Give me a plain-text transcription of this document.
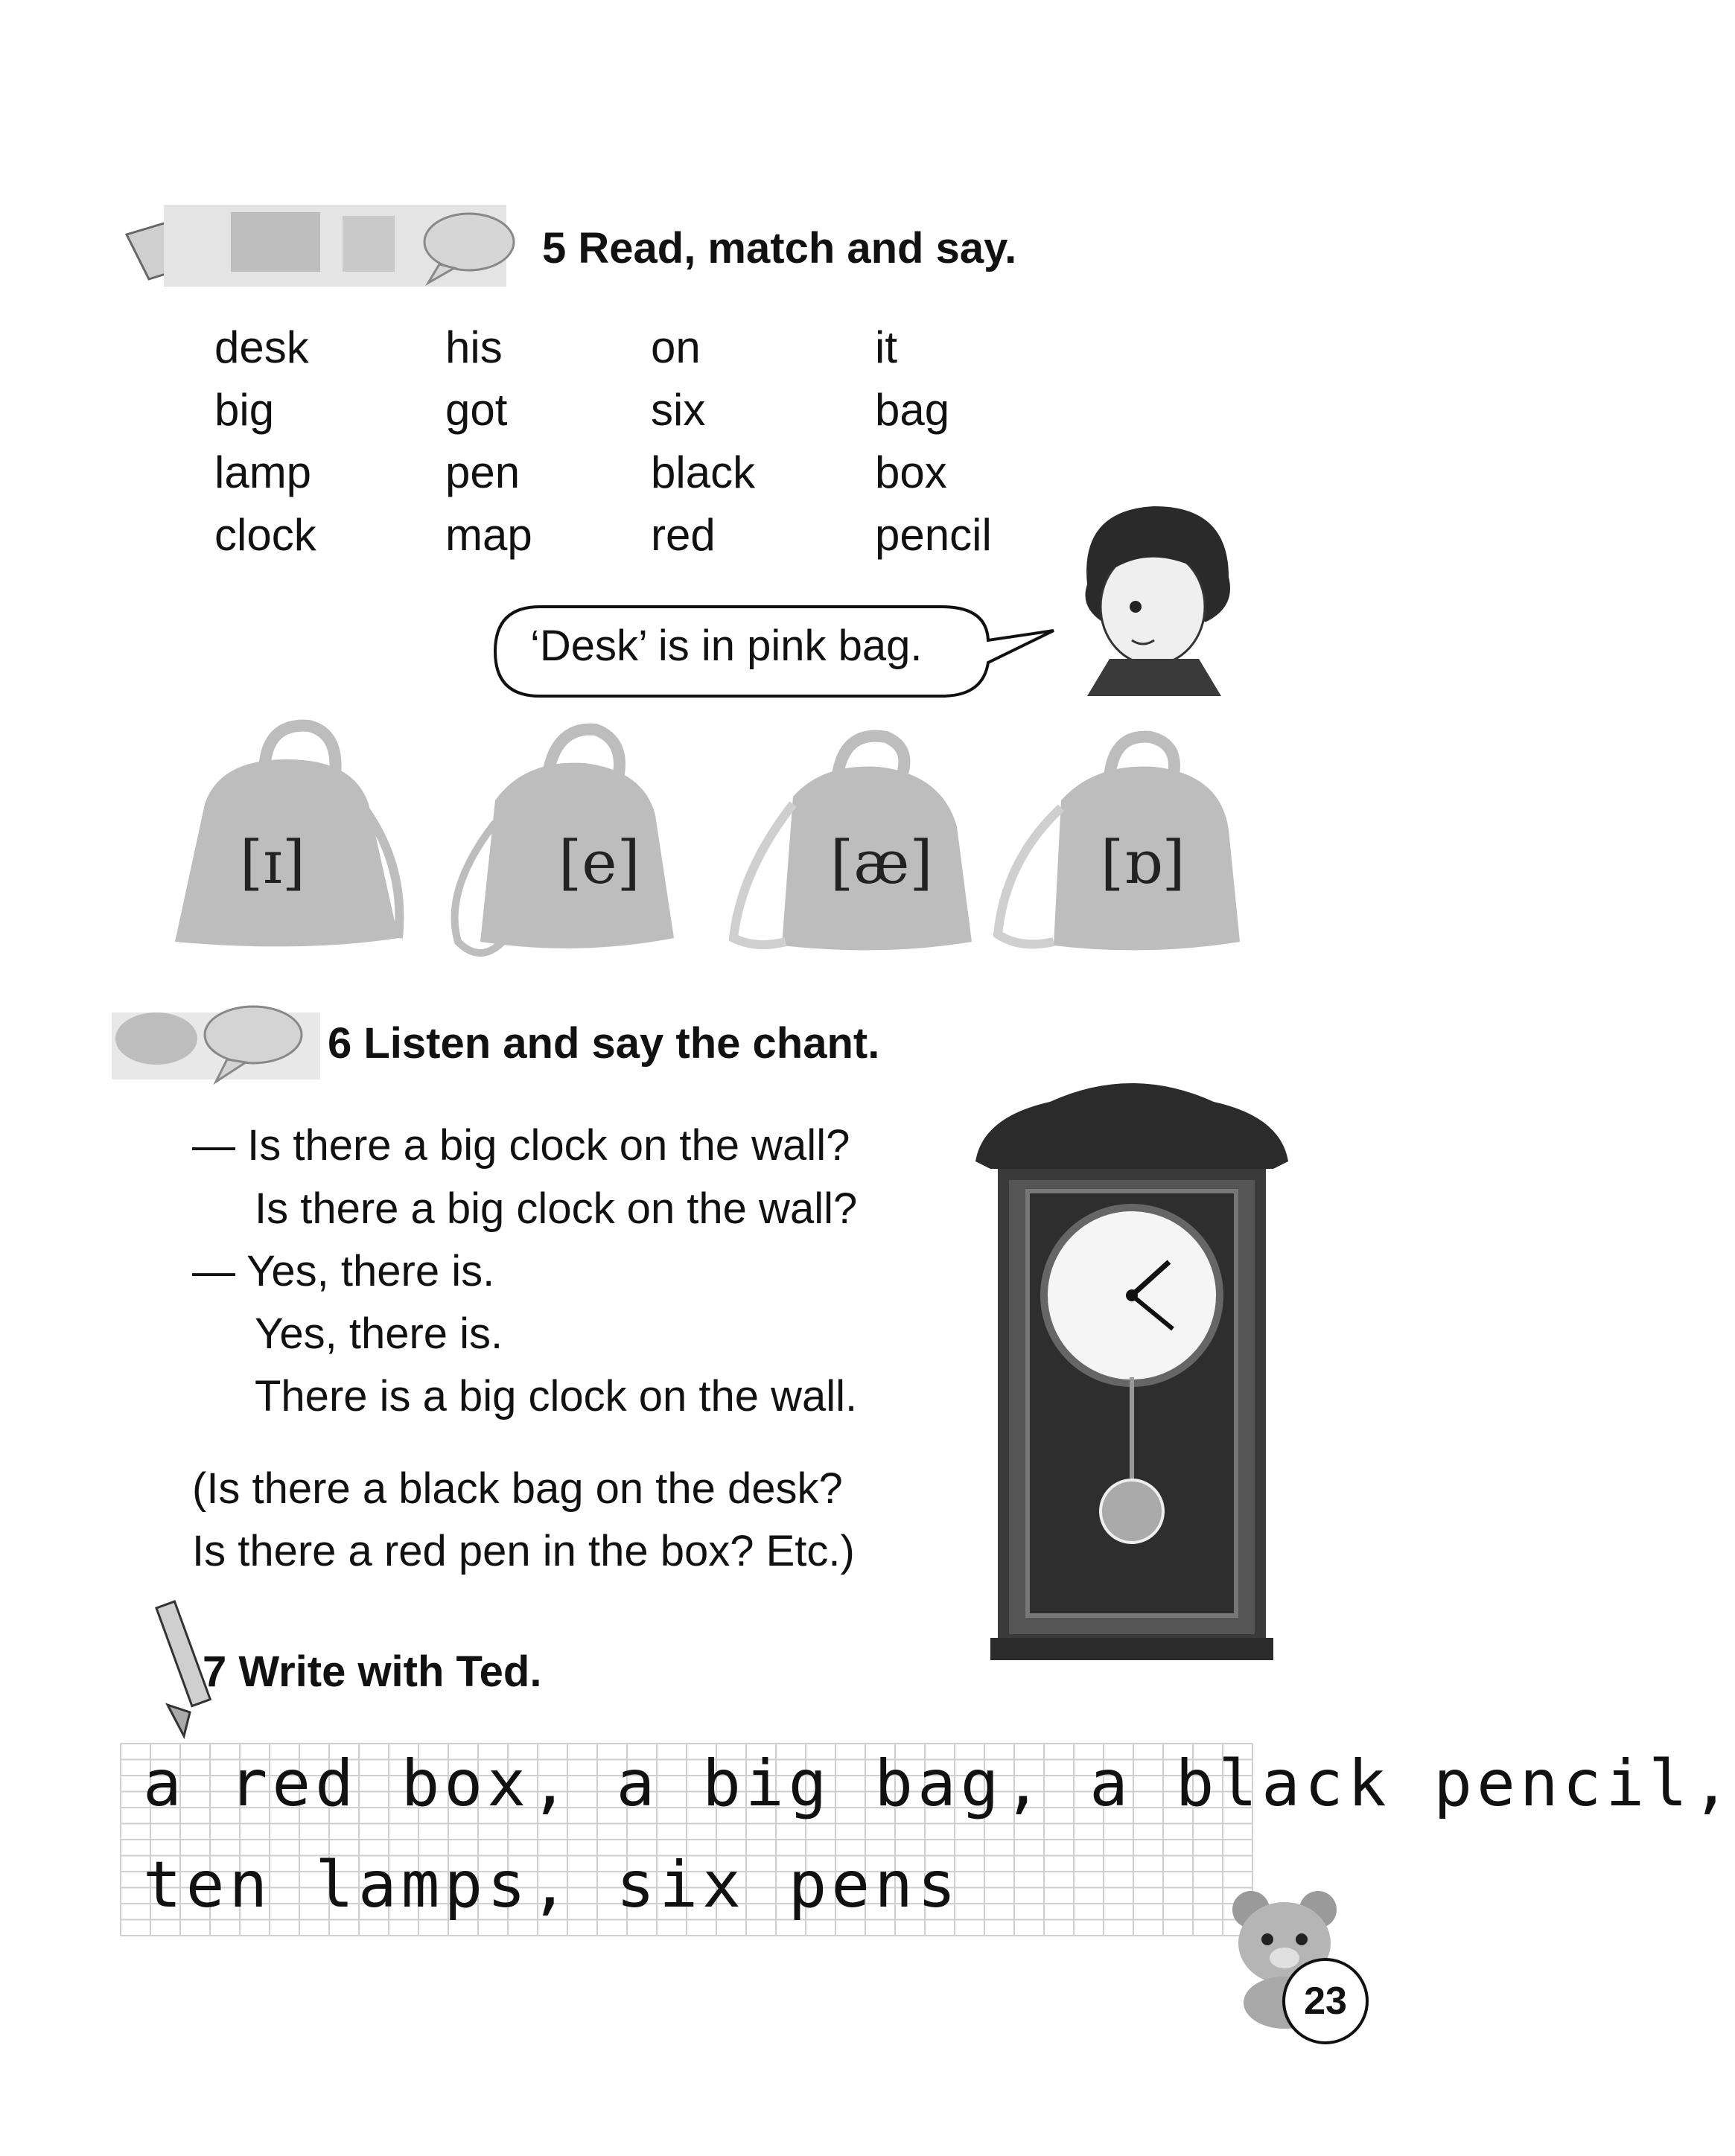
5 Read, match and say.
desk	his	on	it
big	got	six	bag
lamp	pen	black	box
clock	map	red	pencil
‘Desk’ is in pink bag.
[ɪ]	[e]	[æ]	[ɒ]
6 Listen and say the chant.
— Is there a big clock on the wall?
Is there a big clock on the wall?
— Yes, there is.
Yes, there is.
There is a big clock on the wall.
(Is there a black bag on the desk?
Is there a red pen in the box? Etc.)
7 Write with Ted.
a red box, a big bag, a black pencil,
ten lamps, six pens
23
